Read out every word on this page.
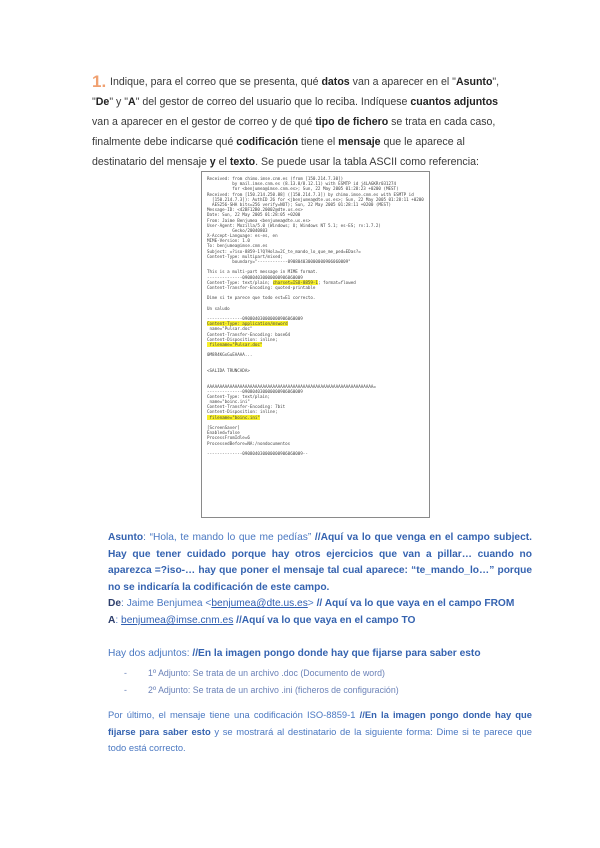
1. Indique, para el correo que se presenta, qué datos van a aparecer en el "Asunto",

"De" y "A" del gestor de correo del usuario que lo reciba. Indíquese cuantos adjuntos
van a aparecer en el gestor de correo y de qué tipo de fichero se trata en cada caso,
finalmente debe indicarse qué codificación tiene el mensaje que le aparece al
destinatario del mensaje y el texto. Se puede usar la tabla ASCII como referencia:
Received: from chimo.imse.cnm.es (from [150.214.7.30])
by mail.imse.cnm.es (8.13.8/8.12.11) with ESMTP id j4LAGKRr031274
for <benjumea@imse.cnm.es>; Sun, 22 May 2005 01:28:23 +0200 (MEST)
Received: from [150.214.250.88] ([150.214.7.3]) by chimo.imse.cnm.es with ESMTP id
[150.214.7.3]): AuthID 26 for <jbenjumea@dte.us.es>; Sun, 22 May 2005 01:28:11 +0200
AES256-SHA bits=256 verify=NOT); Sun, 22 May 2005 01:28:11 +0200 (MEST)
Message-ID: <42BF12B0.20002@dte.us.es>
Date: Sun, 22 May 2005 01:28:05 +0200
From: Jaime Benjumea <benjumea@dte.us.es>
User-Agent: Mozilla/5.0 (Windows; U; Windows NT 5.1; es-ES; rv:1.7.2)
Gecko/20040803
X-Accept-Language: es-es, en
MIME-Version: 1.0
To: benjumea@imse.cnm.es
Subject: =?iso-8859-1?Q?Hola=2C_te_mando_lo_que_me_ped=EDas?=
Content-Type: multipart/mixed;
boundary="------------090804030000000906060009"
This is a multi-part message in MIME format.
--------------090804030000000906060009
Content-Type: text/plain; charset=ISO-8859-1; format=flowed
Content-Transfer-Encoding: quoted-printable
Dime si te parece que todo est=E1 correcto.
Un saludo
--------------090804030000000906060009
Content-Type: application/msword
name="Pulsar.doc"
Content-Transfer-Encoding: base64
Content-Disposition: inline;
filename="Pulsar.doc"
0M8R4KGxGuEAAAA...
<SALIDA TRUNCADA>
AAAAAAAAAAAAAAAAAAAAAAAAAAAAAAAAAAAAAAAAAAAAAAAAAAAAAAAAAAAAAAAAAA=
--------------090804030000000906060009
Content-Type: text/plain;
name="boinc.ini"
Content-Transfer-Encoding: 7bit
Content-Disposition: inline;
filename="boinc.ini"
[ScreenSaver]
Enabled=false
ProcessFromIdle=6
ProcessedBefore=NA:/nondocumentos
--------------090804030000000906060009--

Asunto: “Hola, te mando lo que me pedías” //Aquí va lo que venga en el campo subject. Hay que tener cuidado porque hay otros ejercicios que van a pillar… cuando no aparezca =?iso-… hay que poner el mensaje tal cual aparece: “te_mando_lo…” porque no se indicaría la codificación de este campo.

De: Jaime Benjumea <benjumea@dte.us.es> // Aquí va lo que vaya en el campo FROM

A: benjumea@imse.cnm.es //Aquí va lo que vaya en el campo TO

Hay dos adjuntos: //En la imagen pongo donde hay que fijarse para saber esto

- 1º Adjunto: Se trata de un archivo .doc (Documento de word)
- 2º Adjunto: Se trata de un archivo .ini (ficheros de configuración)

Por último, el mensaje tiene una codificación ISO-8859-1 //En la imagen pongo donde hay que fijarse para saber esto y se mostrará al destinatario de la siguiente forma: Dime si te parece que todo está correcto.
